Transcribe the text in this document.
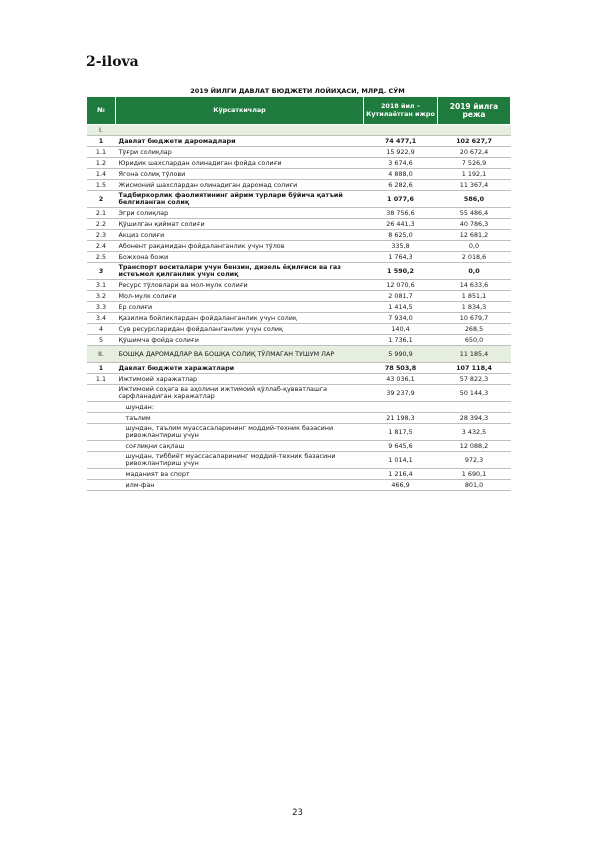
2-ilova

2019 ЙИЛГИ ДАВЛАТ БЮДЖЕТИ ЛОЙИҲАСИ, МЛРД. СЎМ

№	Кўрсаткичлар	2018 йил – Кутилаётган ижро	2019 йилга режа
I.			
1	Давлат бюджети даромадлари	74 477,1	102 627,7
1.1	Тўғри солиқлар	15 922,9	20 672,4
1.2	Юридик шахслардан олинадиган фойда солиғи	3 674,6	7 526,9
1.4	Ягона солиқ тўлови	4 888,0	1 192,1
1.5	Жисмоний шахслардан олинадиган даромад солиғи	6 282,6	11 367,4
2	Тадбиркорлик фаолиятининг айрим турлари бўйича қатъий белгиланган солиқ	1 077,6	586,0
2.1	Эгри солиқлар	38 756,6	55 486,4
2.2	Қўшилган қиймат солиғи	26 441,3	40 786,3
2.3	Акциз солиғи	8 625,0	12 681,2
2.4	Абонент рақамидан фойдаланганлик учун тўлов	335,8	0,0
2.5	Божхона божи	1 764,3	2 018,6
3	Транспорт воситалари учун бензин, дизель ёқилғиси ва газ истеъмол қилганлик учун солиқ	1 590,2	0,0
3.1	Ресурс тўловлари ва мол-мулк солиғи	12 070,6	14 633,6
3.2	Мол-мулк солиғи	2 081,7	1 851,1
3.3	Ер солиғи	1 414,5	1 834,3
3.4	Қазилма бойликлардан фойдаланганлик учун солиқ	7 934,0	10 679,7
4	Сув ресурсларидан фойдаланганлик учун солиқ	140,4	268,5
5	Қўшимча фойда солиғи	1 736,1	650,0
II.	БОШҚА ДАРОМАДЛАР ВА БОШҚА СОЛИҚ ТЎЛМАГАН ТУШУМ ЛАР	5 990,9	11 185,4
1	Давлат бюджети харажатлари	78 503,8	107 118,4
1.1	Ижтимоий харажатлар	43 036,1	57 822,3
	Ижтимоий соҳага ва аҳолини ижтимоий қўллаб-қувватлашга сарфланадиган харажатлар	39 237,9	50 144,3
	шундан:		
	таълим	21 198,3	28 394,3
	шундан, таълим муассасаларининг моддий-техник базасини ривожлантириш учун	1 817,5	3 432,5
	соғлиқни сақлаш	9 645,6	12 088,2
	шундан, тиббиёт муассасаларининг моддий-техник базасини ривожлантириш учун	1 014,1	972,3
	маданият ва спорт	1 216,4	1 690,1
	илм-фан	466,9	801,0

23
